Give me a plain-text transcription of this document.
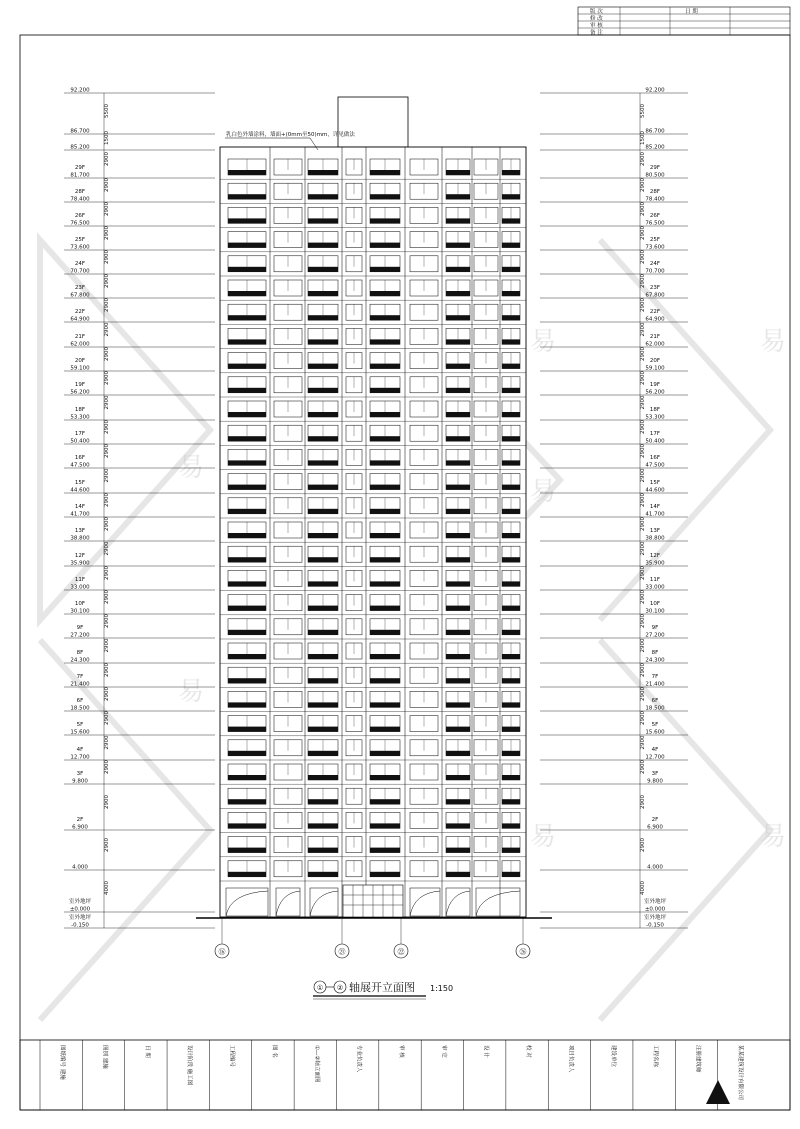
易
易
易	易
易	易
易
版 次	日 期
修 改
审 核
备 注
92.200
86.700
85.200
81.700
29F
2900
78.400
28F	2900
76.500
26F	2900
73.600
25F	2900
70.700
24F	2900
67.800
23F	2900
64.900
22F	2900
62.000
21F
2900
59.100
20F	2900
56.200
19F	2900
53.300
18F
2900
50.400
17F	2900
47.500
16F	2900
44.600
15F
2900
41.700
14F	2900
38.800
13F	2900
35.900
12F
2900
33.000
11F	2900
30.100
10F	2900
27.200
9F	2900
24.300
8F
2900
21.400
7F	2900
18.500
6F	2900
15.600
5F	2900
12.700
4F
2900
9.800
3F	2900
6.900
2F
2900
4.000
2900
±0.000
室外地坪
-0.150
室外地坪
5500
4000
1500
92.200
86.700
85.200
80.500
29F
2900
78.400
28F
2900
76.500
26F
2900
73.600
25F
2900
70.700
24F
2900
67.800
23F
2900
64.900
22F
2900
62.000
21F
2900
59.100
20F
2900
56.200
19F
2900
53.300
18F
2900
50.400
17F
2900
47.500
16F
2900
44.600
15F
2900
41.700
14F
2900
38.800
13F
2900
35.900
12F
2900
33.000
11F
2900
30.100
10F
2900
27.200
9F
2900
24.300
8F
2900
21.400
7F
2900
18.500
6F
2900
15.600
5F
2900
12.700
4F
2900
9.800
3F
2900
6.900
2F
2900
4.000
2900
±0.000
室外地坪
-0.150
室外地坪
5500
4000
1500
乳白色外墙涂料，墙面+(0mm至50)mm，详见做法
⑯	㉑	㉒	㉖
① ② 轴展开立面图 1:150
图纸编号 建施	图别 建施	日 期	设计阶段 施工图	工程编号	图 名	①—②轴立面图	专业负责人	审 核	审 定	设 计	校 对	项目负责人	建设单位	工程名称	注册建筑师	某某建筑设计有限公司
